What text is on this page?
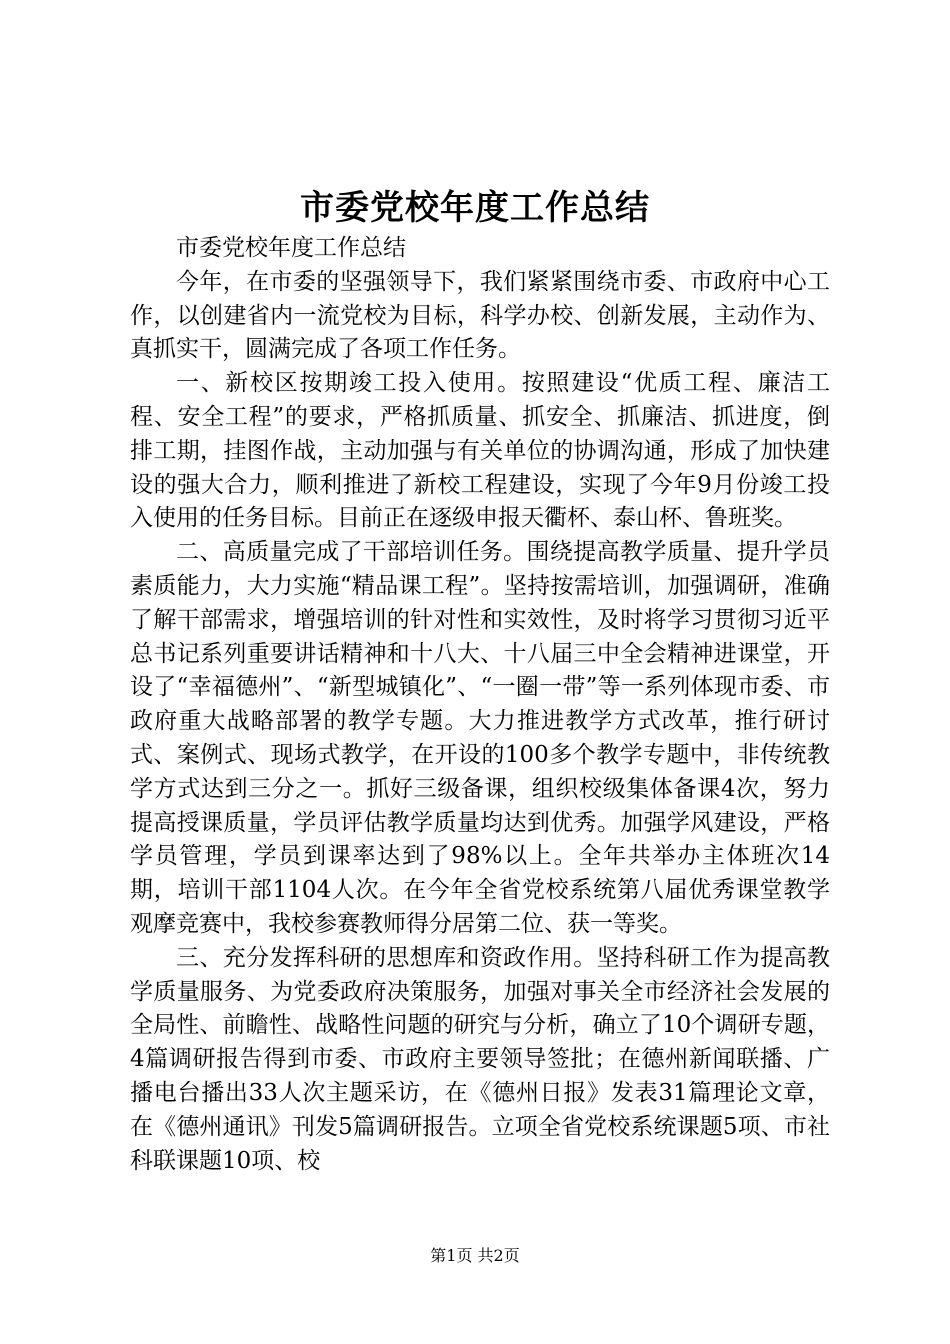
市委党校年度工作总结

市委党校年度工作总结

今年，在市委的坚强领导下，我们紧紧围绕市委、市政府中心工作，以创建省内一流党校为目标，科学办校、创新发展，主动作为、真抓实干，圆满完成了各项工作任务。

一、新校区按期竣工投入使用。按照建设“优质工程、廉洁工程、安全工程”的要求，严格抓质量、抓安全、抓廉洁、抓进度，倒排工期，挂图作战，主动加强与有关单位的协调沟通，形成了加快建设的强大合力，顺利推进了新校工程建设，实现了今年9月份竣工投入使用的任务目标。目前正在逐级申报天衢杯、泰山杯、鲁班奖。

二、高质量完成了干部培训任务。围绕提高教学质量、提升学员素质能力，大力实施“精品课工程”。坚持按需培训，加强调研，准确了解干部需求，增强培训的针对性和实效性，及时将学习贯彻习近平总书记系列重要讲话精神和十八大、十八届三中全会精神进课堂，开设了“幸福德州”、“新型城镇化”、“一圈一带”等一系列体现市委、市政府重大战略部署的教学专题。大力推进教学方式改革，推行研讨式、案例式、现场式教学，在开设的100多个教学专题中，非传统教学方式达到三分之一。抓好三级备课，组织校级集体备课4次，努力提高授课质量，学员评估教学质量均达到优秀。加强学风建设，严格学员管理，学员到课率达到了98%以上。全年共举办主体班次14期，培训干部1104人次。在今年全省党校系统第八届优秀课堂教学观摩竞赛中，我校参赛教师得分居第二位、获一等奖。

三、充分发挥科研的思想库和资政作用。坚持科研工作为提高教学质量服务、为党委政府决策服务，加强对事关全市经济社会发展的全局性、前瞻性、战略性问题的研究与分析，确立了10个调研专题，4篇调研报告得到市委、市政府主要领导签批；在德州新闻联播、广播电台播出33人次主题采访，在《德州日报》发表31篇理论文章，在《德州通讯》刊发5篇调研报告。立项全省党校系统课题5项、市社科联课题10项、校

第1页 共2页
